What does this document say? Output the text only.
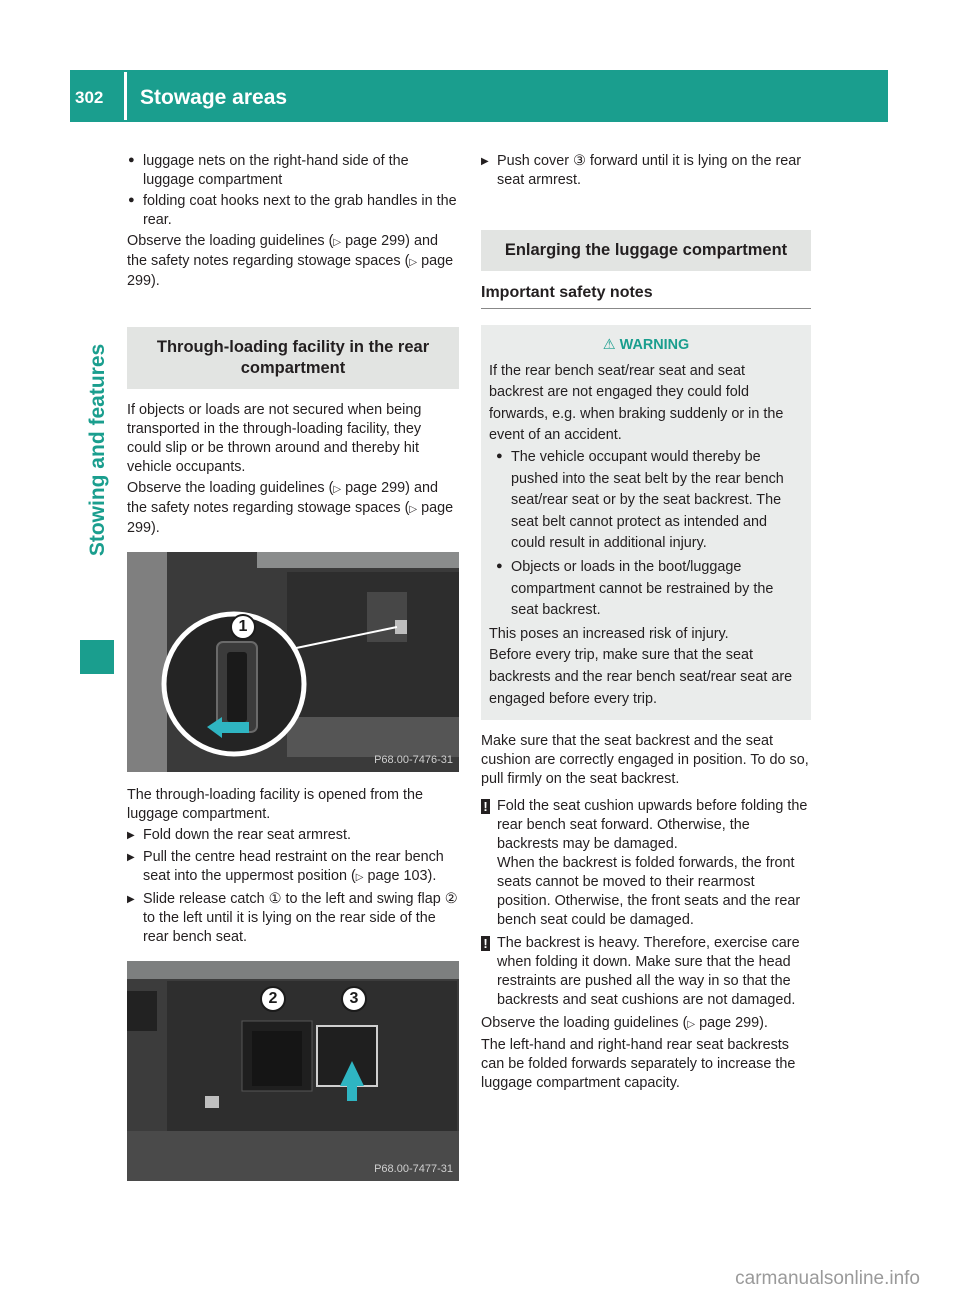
302	Stowage areas
Stowing and features
● luggage nets on the right-hand side of the luggage compartment
● folding coat hooks next to the grab handles in the rear.
Observe the loading guidelines (▷ page 299) and the safety notes regarding stowage spaces (▷ page 299).
Through-loading facility in the rear compartment
If objects or loads are not secured when being transported in the through-loading facility, they could slip or be thrown around and thereby hit vehicle occupants.
Observe the loading guidelines (▷ page 299) and the safety notes regarding stowage spaces (▷ page 299).
1
P68.00-7476-31
The through-loading facility is opened from the luggage compartment.
▶ Fold down the rear seat armrest.
▶ Pull the centre head restraint on the rear bench seat into the uppermost position (▷ page 103).
▶ Slide release catch ① to the left and swing flap ② to the left until it is lying on the rear side of the rear bench seat.
2	3
P68.00-7477-31
▶ Push cover ③ forward until it is lying on the rear seat armrest.
Enlarging the luggage compartment
Important safety notes
⚠ WARNING
If the rear bench seat/rear seat and seat backrest are not engaged they could fold forwards, e.g. when braking suddenly or in the event of an accident.
● The vehicle occupant would thereby be pushed into the seat belt by the rear bench seat/rear seat or by the seat backrest. The seat belt cannot protect as intended and could result in additional injury.
● Objects or loads in the boot/luggage compartment cannot be restrained by the seat backrest.
This poses an increased risk of injury.
Before every trip, make sure that the seat backrests and the rear bench seat/rear seat are engaged before every trip.
Make sure that the seat backrest and the seat cushion are correctly engaged in position. To do so, pull firmly on the seat backrest.
! Fold the seat cushion upwards before folding the rear bench seat forward. Otherwise, the backrests may be damaged.
When the backrest is folded forwards, the front seats cannot be moved to their rearmost position. Otherwise, the front seats and the rear bench seat could be damaged.
! The backrest is heavy. Therefore, exercise care when folding it down. Make sure that the head restraints are pushed all the way in so that the backrests and seat cushions are not damaged.
Observe the loading guidelines (▷ page 299).
The left-hand and right-hand rear seat backrests can be folded forwards separately to increase the luggage compartment capacity.
carmanualsonline.info
